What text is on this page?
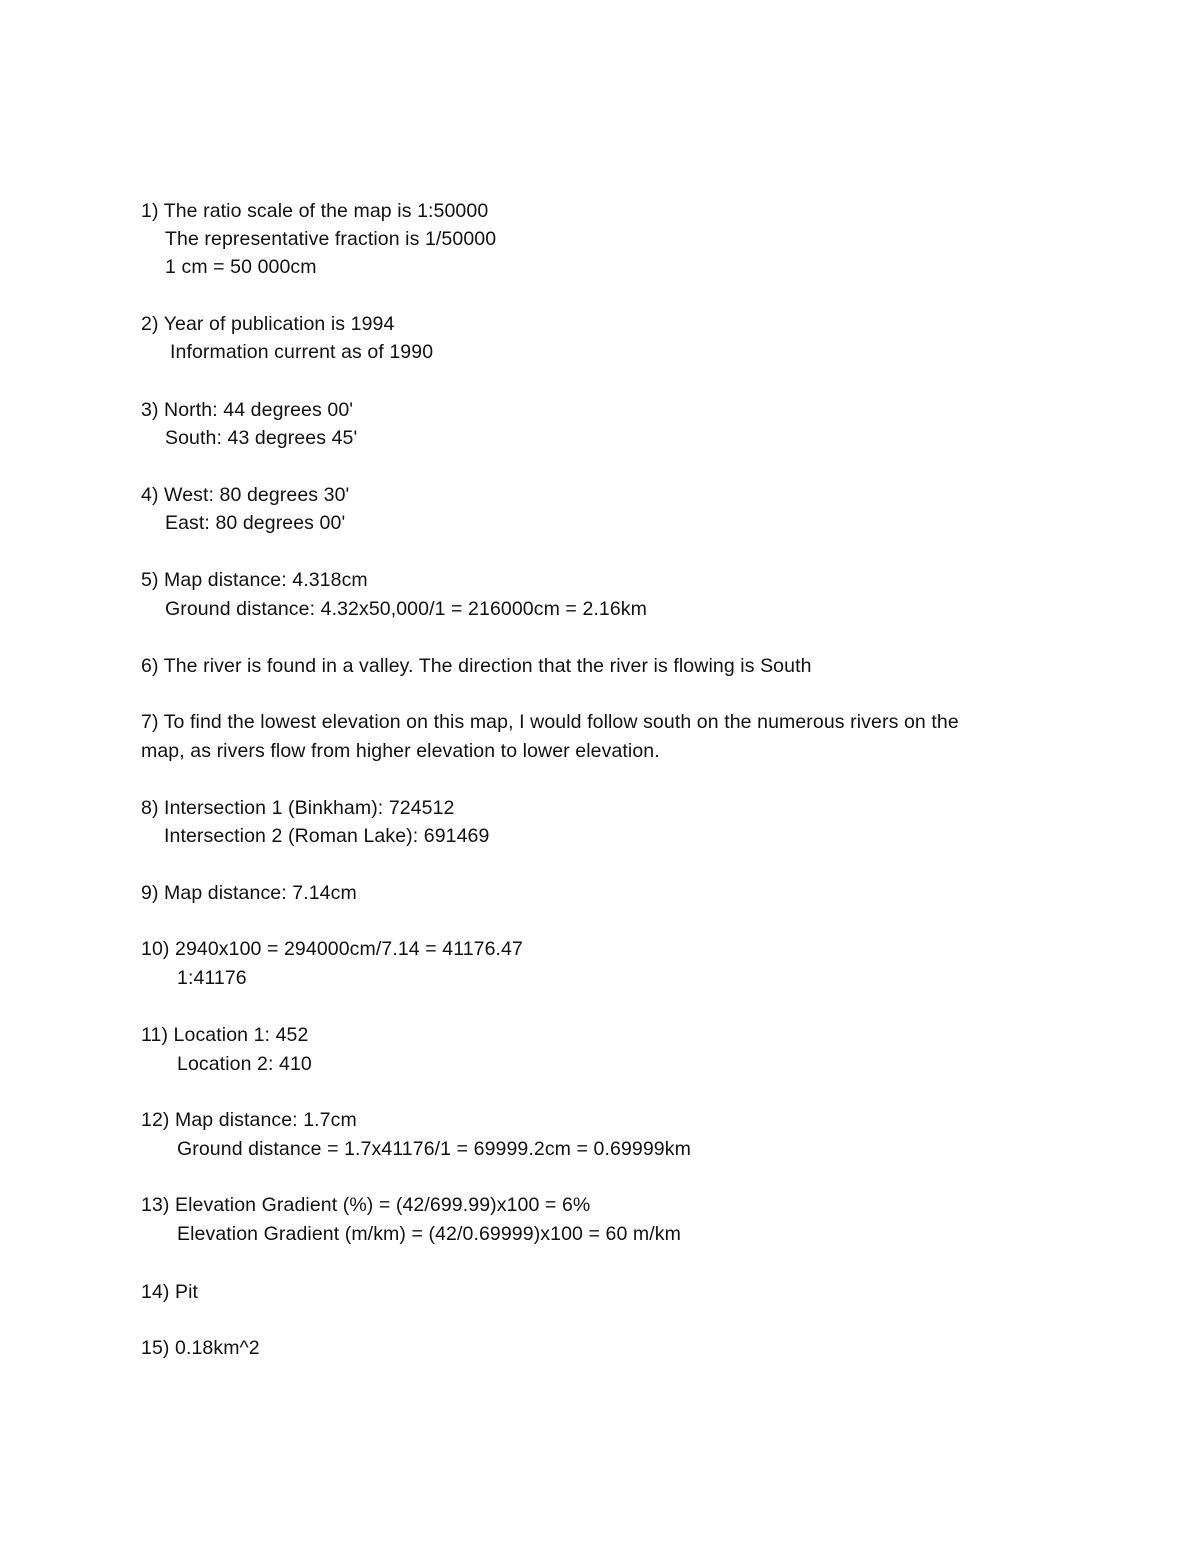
1) The ratio scale of the map is 1:50000
The representative fraction is 1/50000
1 cm = 50 000cm
2) Year of publication is 1994
Information current as of 1990
3) North: 44 degrees 00'
South: 43 degrees 45'
4) West: 80 degrees 30'
East: 80 degrees 00'
5) Map distance: 4.318cm
Ground distance: 4.32x50,000/1 = 216000cm = 2.16km
6) The river is found in a valley. The direction that the river is flowing is South
7) To find the lowest elevation on this map, I would follow south on the numerous rivers on the
map, as rivers flow from higher elevation to lower elevation.
8) Intersection 1 (Binkham): 724512
Intersection 2 (Roman Lake): 691469
9) Map distance: 7.14cm
10) 2940x100 = 294000cm/7.14 = 41176.47
1:41176
11) Location 1: 452
Location 2: 410
12) Map distance: 1.7cm
Ground distance = 1.7x41176/1 = 69999.2cm = 0.69999km
13) Elevation Gradient (%) = (42/699.99)x100 = 6%
Elevation Gradient (m/km) = (42/0.69999)x100 = 60 m/km
14) Pit
15) 0.18km^2
